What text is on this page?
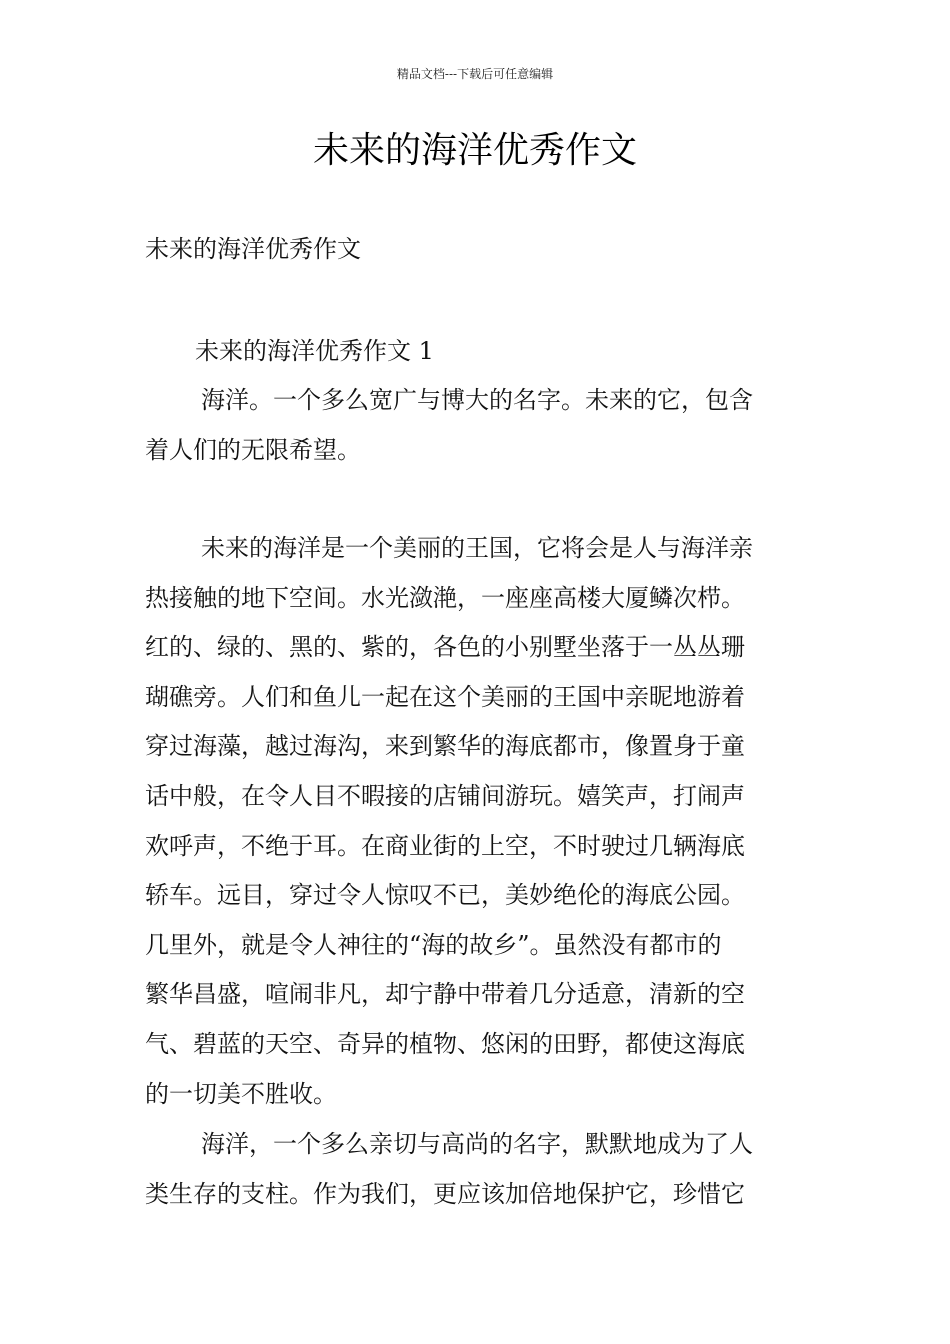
精品文档---下载后可任意编辑
未来的海洋优秀作文

未来的海洋优秀作文

未来的海洋优秀作文 1

海洋。一个多么宽广与博大的名字。未来的它，包含
着人们的无限希望。
未来的海洋是一个美丽的王国，它将会是人与海洋亲
热接触的地下空间。水光潋滟，一座座高楼大厦鳞次栉。
红的、绿的、黑的、紫的，各色的小别墅坐落于一丛丛珊
瑚礁旁。人们和鱼儿一起在这个美丽的王国中亲昵地游着
穿过海藻，越过海沟，来到繁华的海底都市，像置身于童
话中般，在令人目不暇接的店铺间游玩。嬉笑声，打闹声
欢呼声，不绝于耳。在商业街的上空，不时驶过几辆海底
轿车。远目，穿过令人惊叹不已，美妙绝伦的海底公园。
几里外，就是令人神往的“海的故乡”。虽然没有都市的
繁华昌盛，喧闹非凡，却宁静中带着几分适意，清新的空
气、碧蓝的天空、奇异的植物、悠闲的田野，都使这海底
的一切美不胜收。
海洋，一个多么亲切与高尚的名字，默默地成为了人
类生存的支柱。作为我们，更应该加倍地保护它，珍惜它
